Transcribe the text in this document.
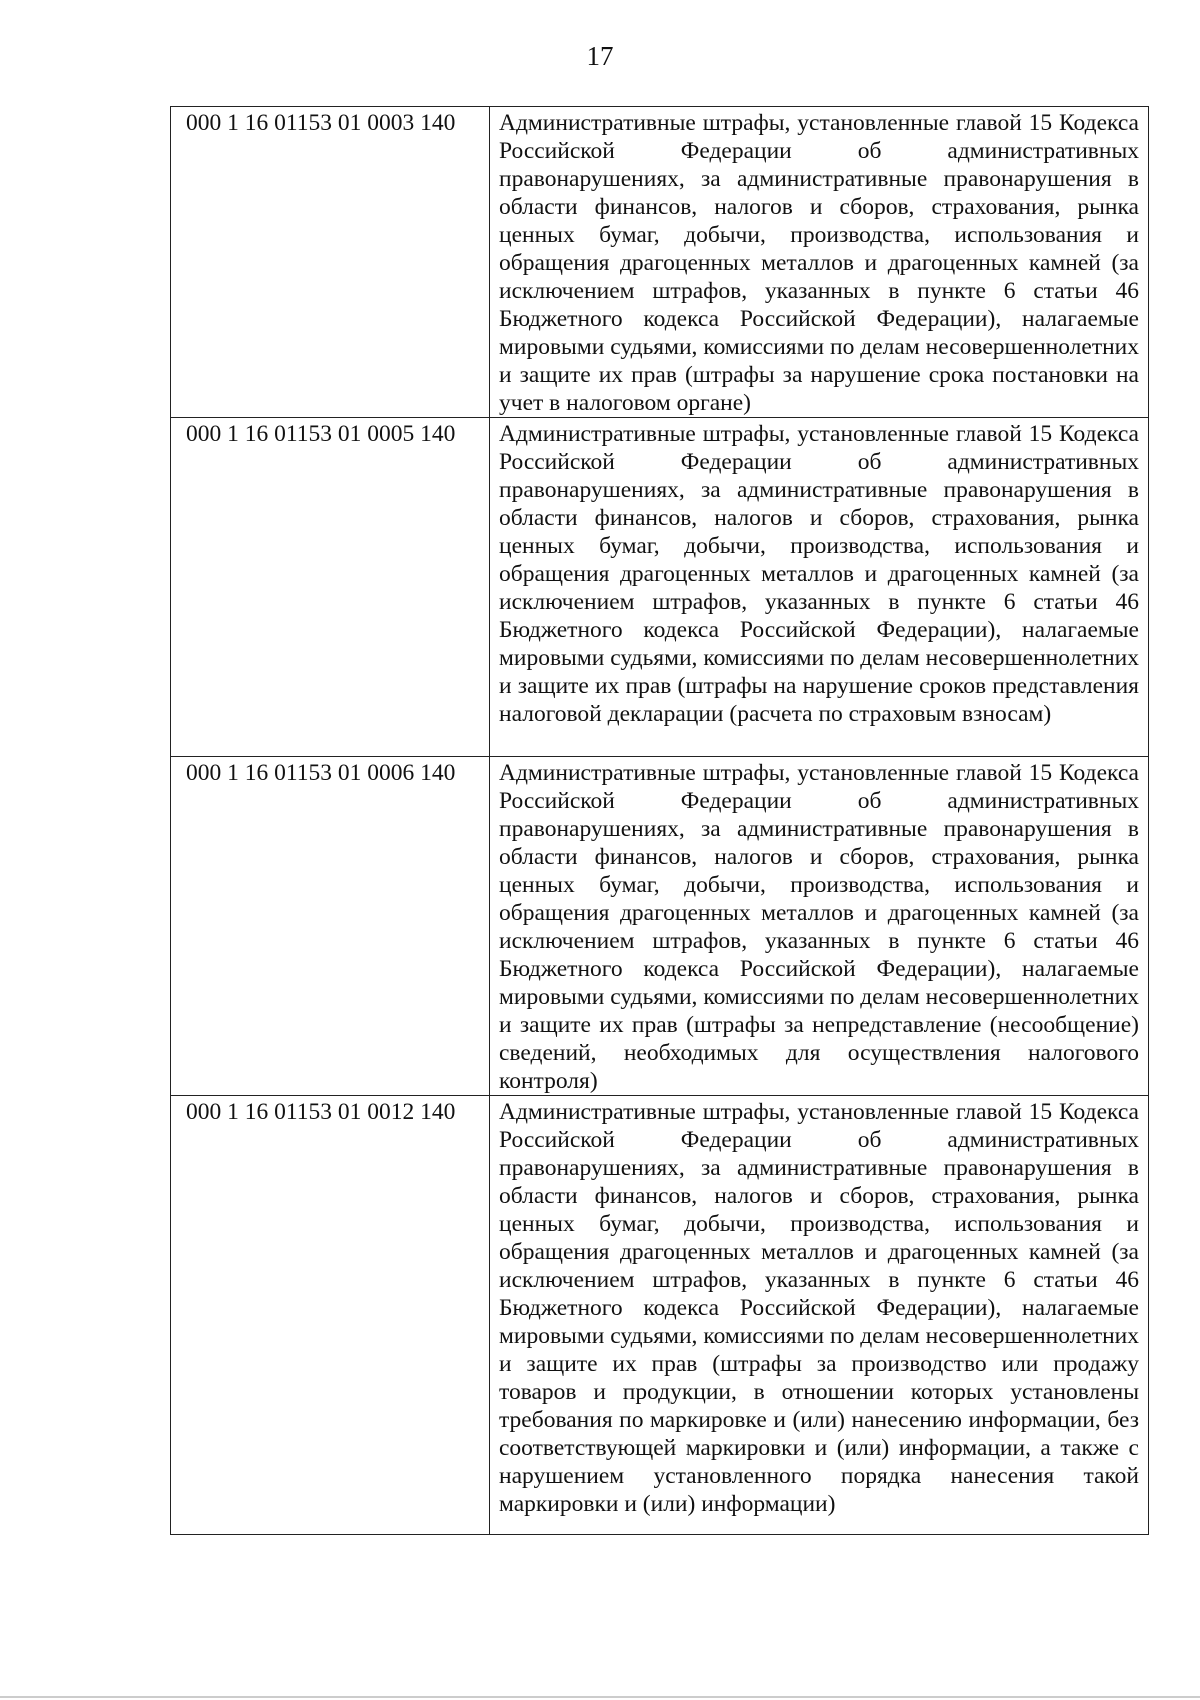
17
000 1 16 01153 01 0003 140	Административные штрафы, установленные главой 15 Кодекса Российской Федерации об административных правонарушениях, за административные правонарушения в области финансов, налогов и сборов, страхования, рынка ценных бумаг, добычи, производства, использования и обращения драгоценных металлов и драгоценных камней (за исключением штрафов, указанных в пункте 6 статьи 46 Бюджетного кодекса Российской Федерации), налагаемые мировыми судьями, комиссиями по делам несовершеннолетних и защите их прав (штрафы за нарушение срока постановки на учет в налоговом органе)
000 1 16 01153 01 0005 140	Административные штрафы, установленные главой 15 Кодекса Российской Федерации об административных правонарушениях, за административные правонарушения в области финансов, налогов и сборов, страхования, рынка ценных бумаг, добычи, производства, использования и обращения драгоценных металлов и драгоценных камней (за исключением штрафов, указанных в пункте 6 статьи 46 Бюджетного кодекса Российской Федерации), налагаемые мировыми судьями, комиссиями по делам несовершеннолетних и защите их прав (штрафы на нарушение сроков представления налоговой декларации (расчета по страховым взносам)
000 1 16 01153 01 0006 140	Административные штрафы, установленные главой 15 Кодекса Российской Федерации об административных правонарушениях, за административные правонарушения в области финансов, налогов и сборов, страхования, рынка ценных бумаг, добычи, производства, использования и обращения драгоценных металлов и драгоценных камней (за исключением штрафов, указанных в пункте 6 статьи 46 Бюджетного кодекса Российской Федерации), налагаемые мировыми судьями, комиссиями по делам несовершеннолетних и защите их прав (штрафы за непредставление (несообщение) сведений, необходимых для осуществления налогового контроля)
000 1 16 01153 01 0012 140	Административные штрафы, установленные главой 15 Кодекса Российской Федерации об административных правонарушениях, за административные правонарушения в области финансов, налогов и сборов, страхования, рынка ценных бумаг, добычи, производства, использования и обращения драгоценных металлов и драгоценных камней (за исключением штрафов, указанных в пункте 6 статьи 46 Бюджетного кодекса Российской Федерации), налагаемые мировыми судьями, комиссиями по делам несовершеннолетних и защите их прав (штрафы за производство или продажу товаров и продукции, в отношении которых установлены требования по маркировке и (или) нанесению информации, без соответствующей маркировки и (или) информации, а также с нарушением установленного порядка нанесения такой маркировки и (или) информации)
